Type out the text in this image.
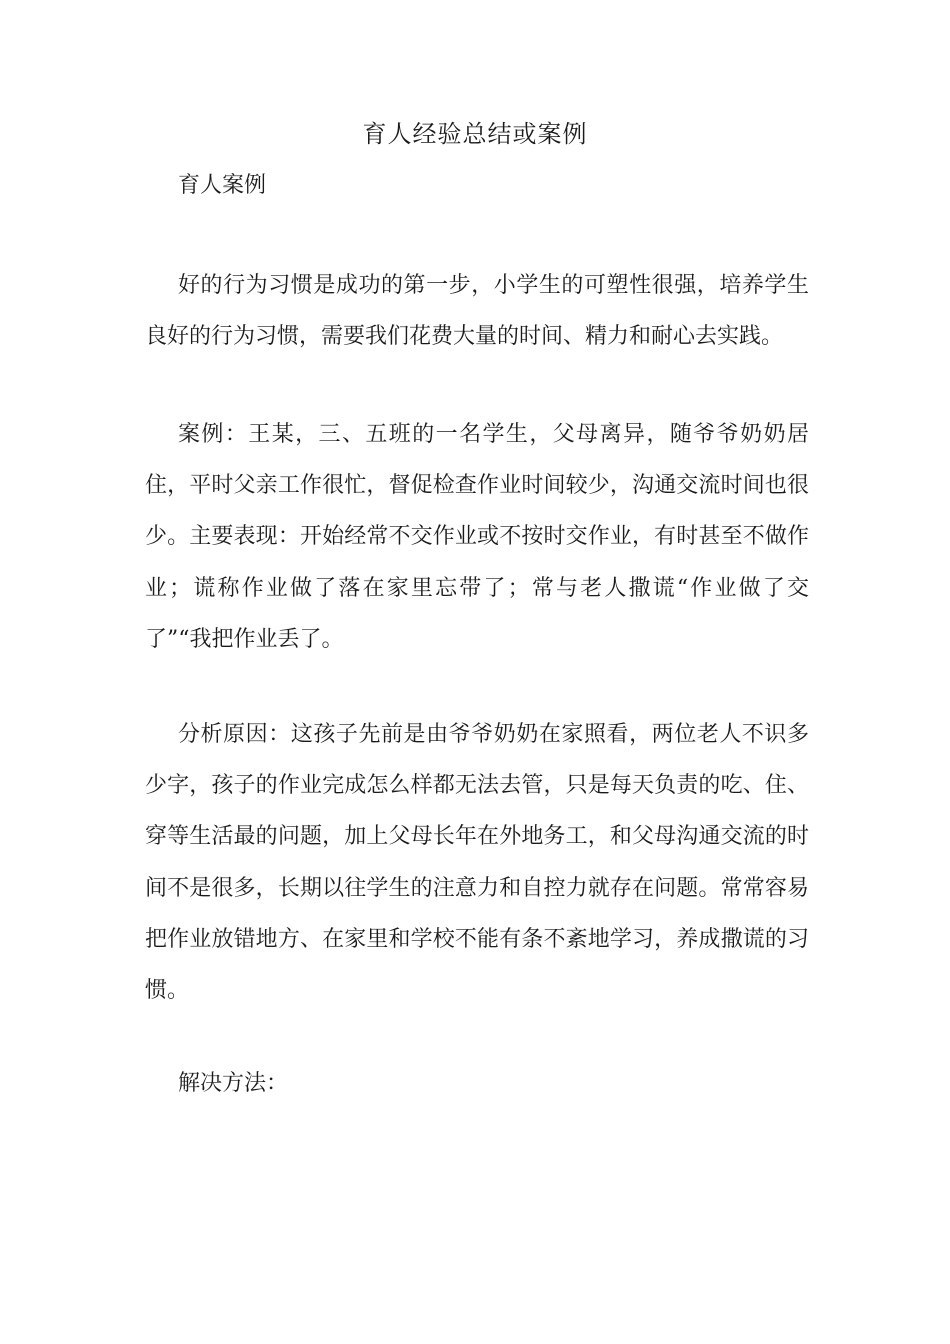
育人经验总结或案例
育人案例
好的行为习惯是成功的第一步，小学生的可塑性很强，培养学生良好的行为习惯，需要我们花费大量的时间、精力和耐心去实践。
案例：王某，三、五班的一名学生，父母离异，随爷爷奶奶居住，平时父亲工作很忙，督促检查作业时间较少，沟通交流时间也很少。主要表现：开始经常不交作业或不按时交作业，有时甚至不做作业；谎称作业做了落在家里忘带了；常与老人撒谎“作业做了交了”“我把作业丢了。
分析原因：这孩子先前是由爷爷奶奶在家照看，两位老人不识多少字，孩子的作业完成怎么样都无法去管，只是每天负责的吃、住、穿等生活最的问题，加上父母长年在外地务工，和父母沟通交流的时间不是很多，长期以往学生的注意力和自控力就存在问题。常常容易把作业放错地方、在家里和学校不能有条不紊地学习，养成撒谎的习惯。
解决方法：
